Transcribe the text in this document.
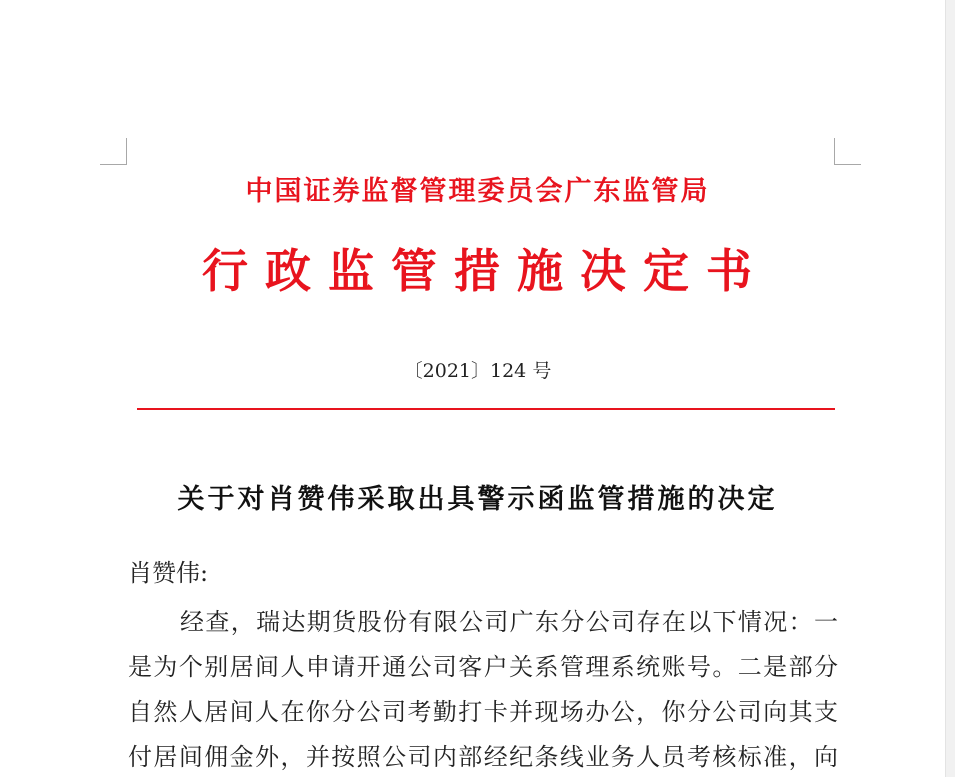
中国证券监督管理委员会广东监管局
行政监管措施决定书
〔2021〕124 号
关于对肖赞伟采取出具警示函监管措施的决定
肖赞伟:
经查，瑞达期货股份有限公司广东分公司存在以下情况：一
是为个别居间人申请开通公司客户关系管理系统账号。二是部分
自然人居间人在你分公司考勤打卡并现场办公，你分公司向其支
付居间佣金外，并按照公司内部经纪条线业务人员考核标准，向
